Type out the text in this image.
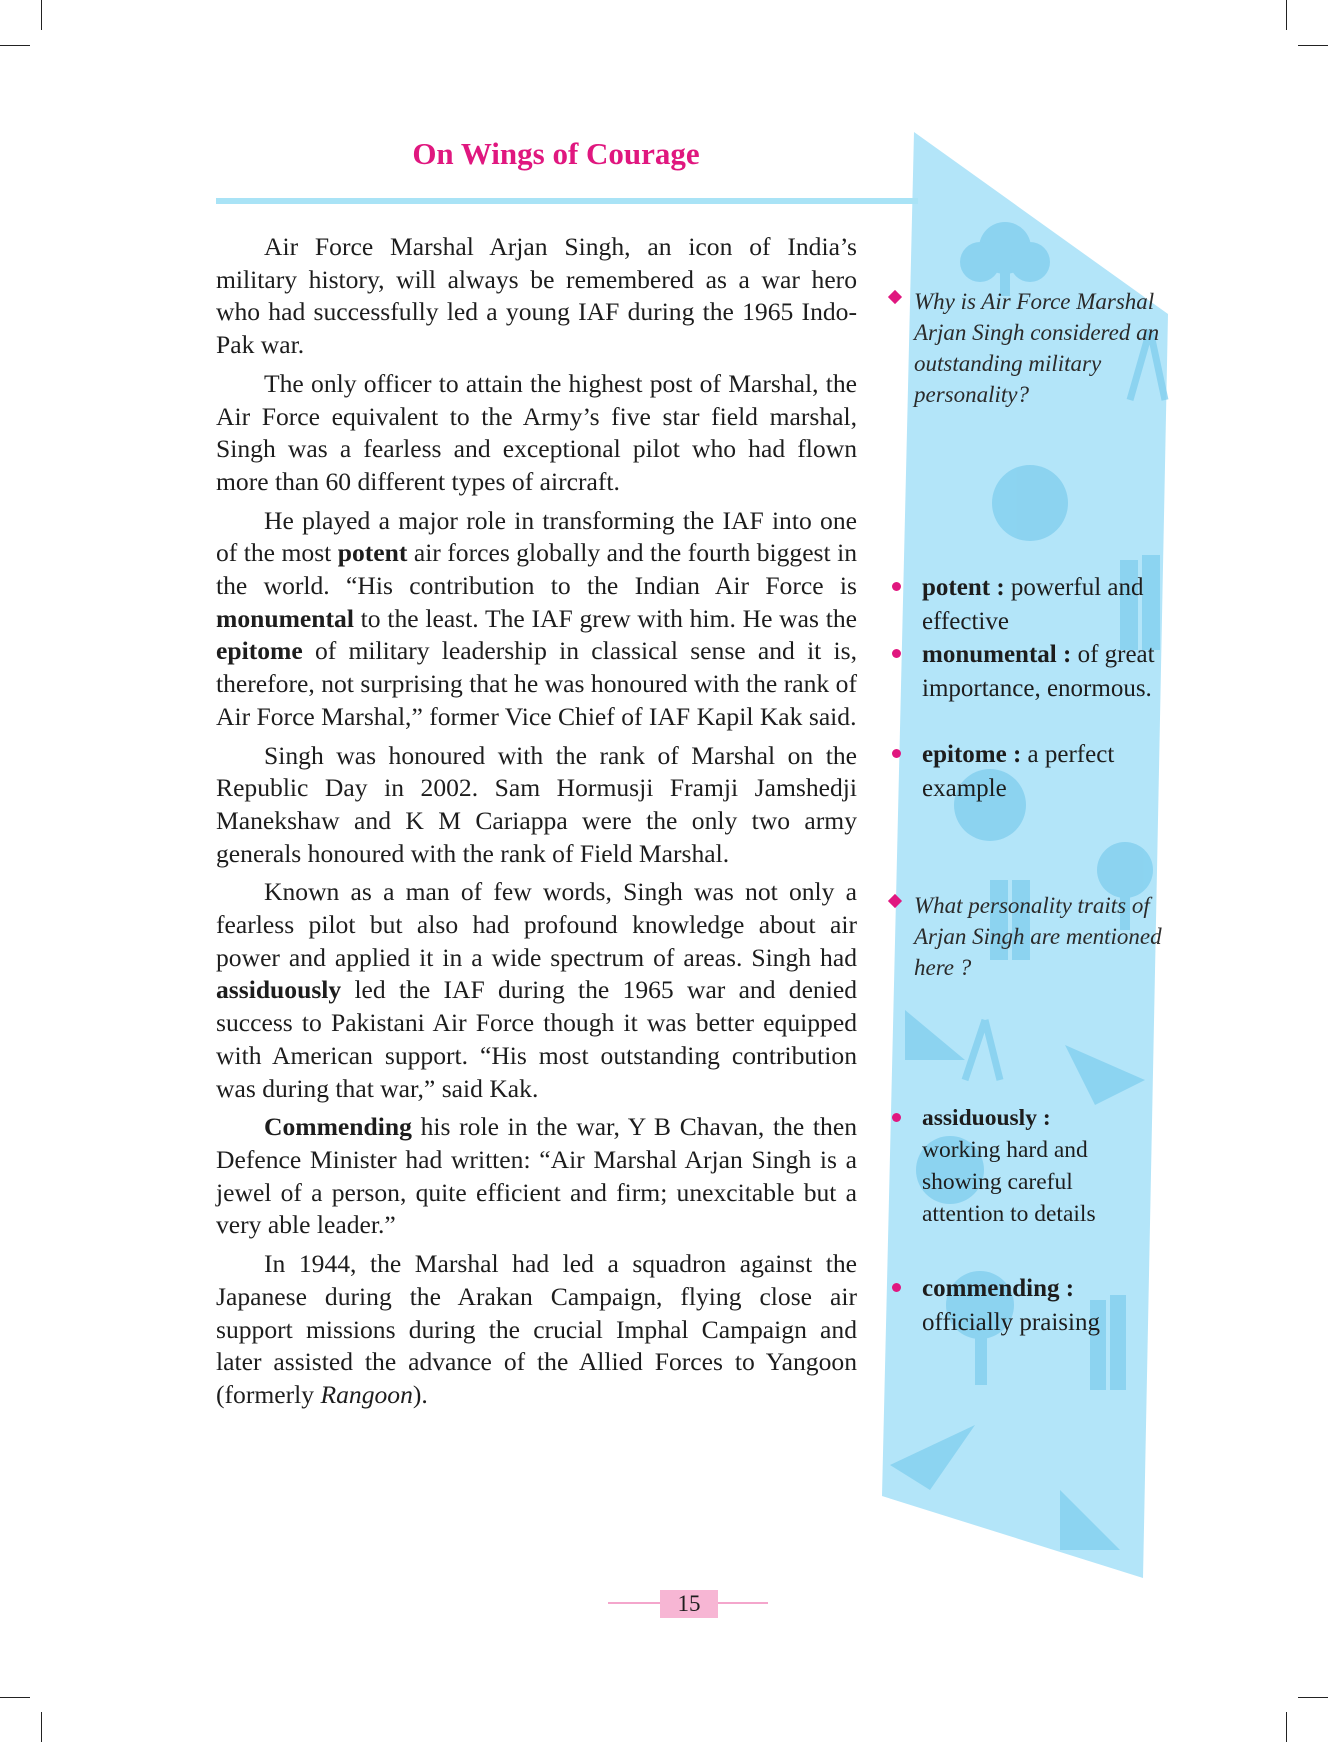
On Wings of Courage

Air Force Marshal Arjan Singh, an icon of India’s military history, will always be remembered as a war hero who had successfully led a young IAF during the 1965 Indo-Pak war.

The only officer to attain the highest post of Marshal, the Air Force equivalent to the Army’s five star field marshal, Singh was a fearless and exceptional pilot who had flown more than 60 different types of aircraft.

He played a major role in transforming the IAF into one of the most potent air forces globally and the fourth biggest in the world. “His contribution to the Indian Air Force is monumental to the least. The IAF grew with him. He was the epitome of military leadership in classical sense and it is, therefore, not surprising that he was honoured with the rank of Air Force Marshal,” former Vice Chief of IAF Kapil Kak said.

Singh was honoured with the rank of Marshal on the Republic Day in 2002. Sam Hormusji Framji Jamshedji Manekshaw and K M Cariappa were the only two army generals honoured with the rank of Field Marshal.

Known as a man of few words, Singh was not only a fearless pilot but also had profound knowledge about air power and applied it in a wide spectrum of areas. Singh had assiduously led the IAF during the 1965 war and denied success to Pakistani Air Force though it was better equipped with American support. “His most outstanding contribution was during that war,” said Kak.

Commending his role in the war, Y B Chavan, the then Defence Minister had written: “Air Marshal Arjan Singh is a jewel of a person, quite efficient and firm; unexcitable but a very able leader.”

In 1944, the Marshal had led a squadron against the Japanese during the Arakan Campaign, flying close air support missions during the crucial Imphal Campaign and later assisted the advance of the Allied Forces to Yangoon (formerly Rangoon).

Why is Air Force Marshal Arjan Singh considered an outstanding military personality?
potent : powerful and effective
monumental : of great importance, enormous.
epitome : a perfect example
What personality traits of Arjan Singh are mentioned here ?
assiduously :
working hard and showing careful attention to details
commending :
officially praising
15
